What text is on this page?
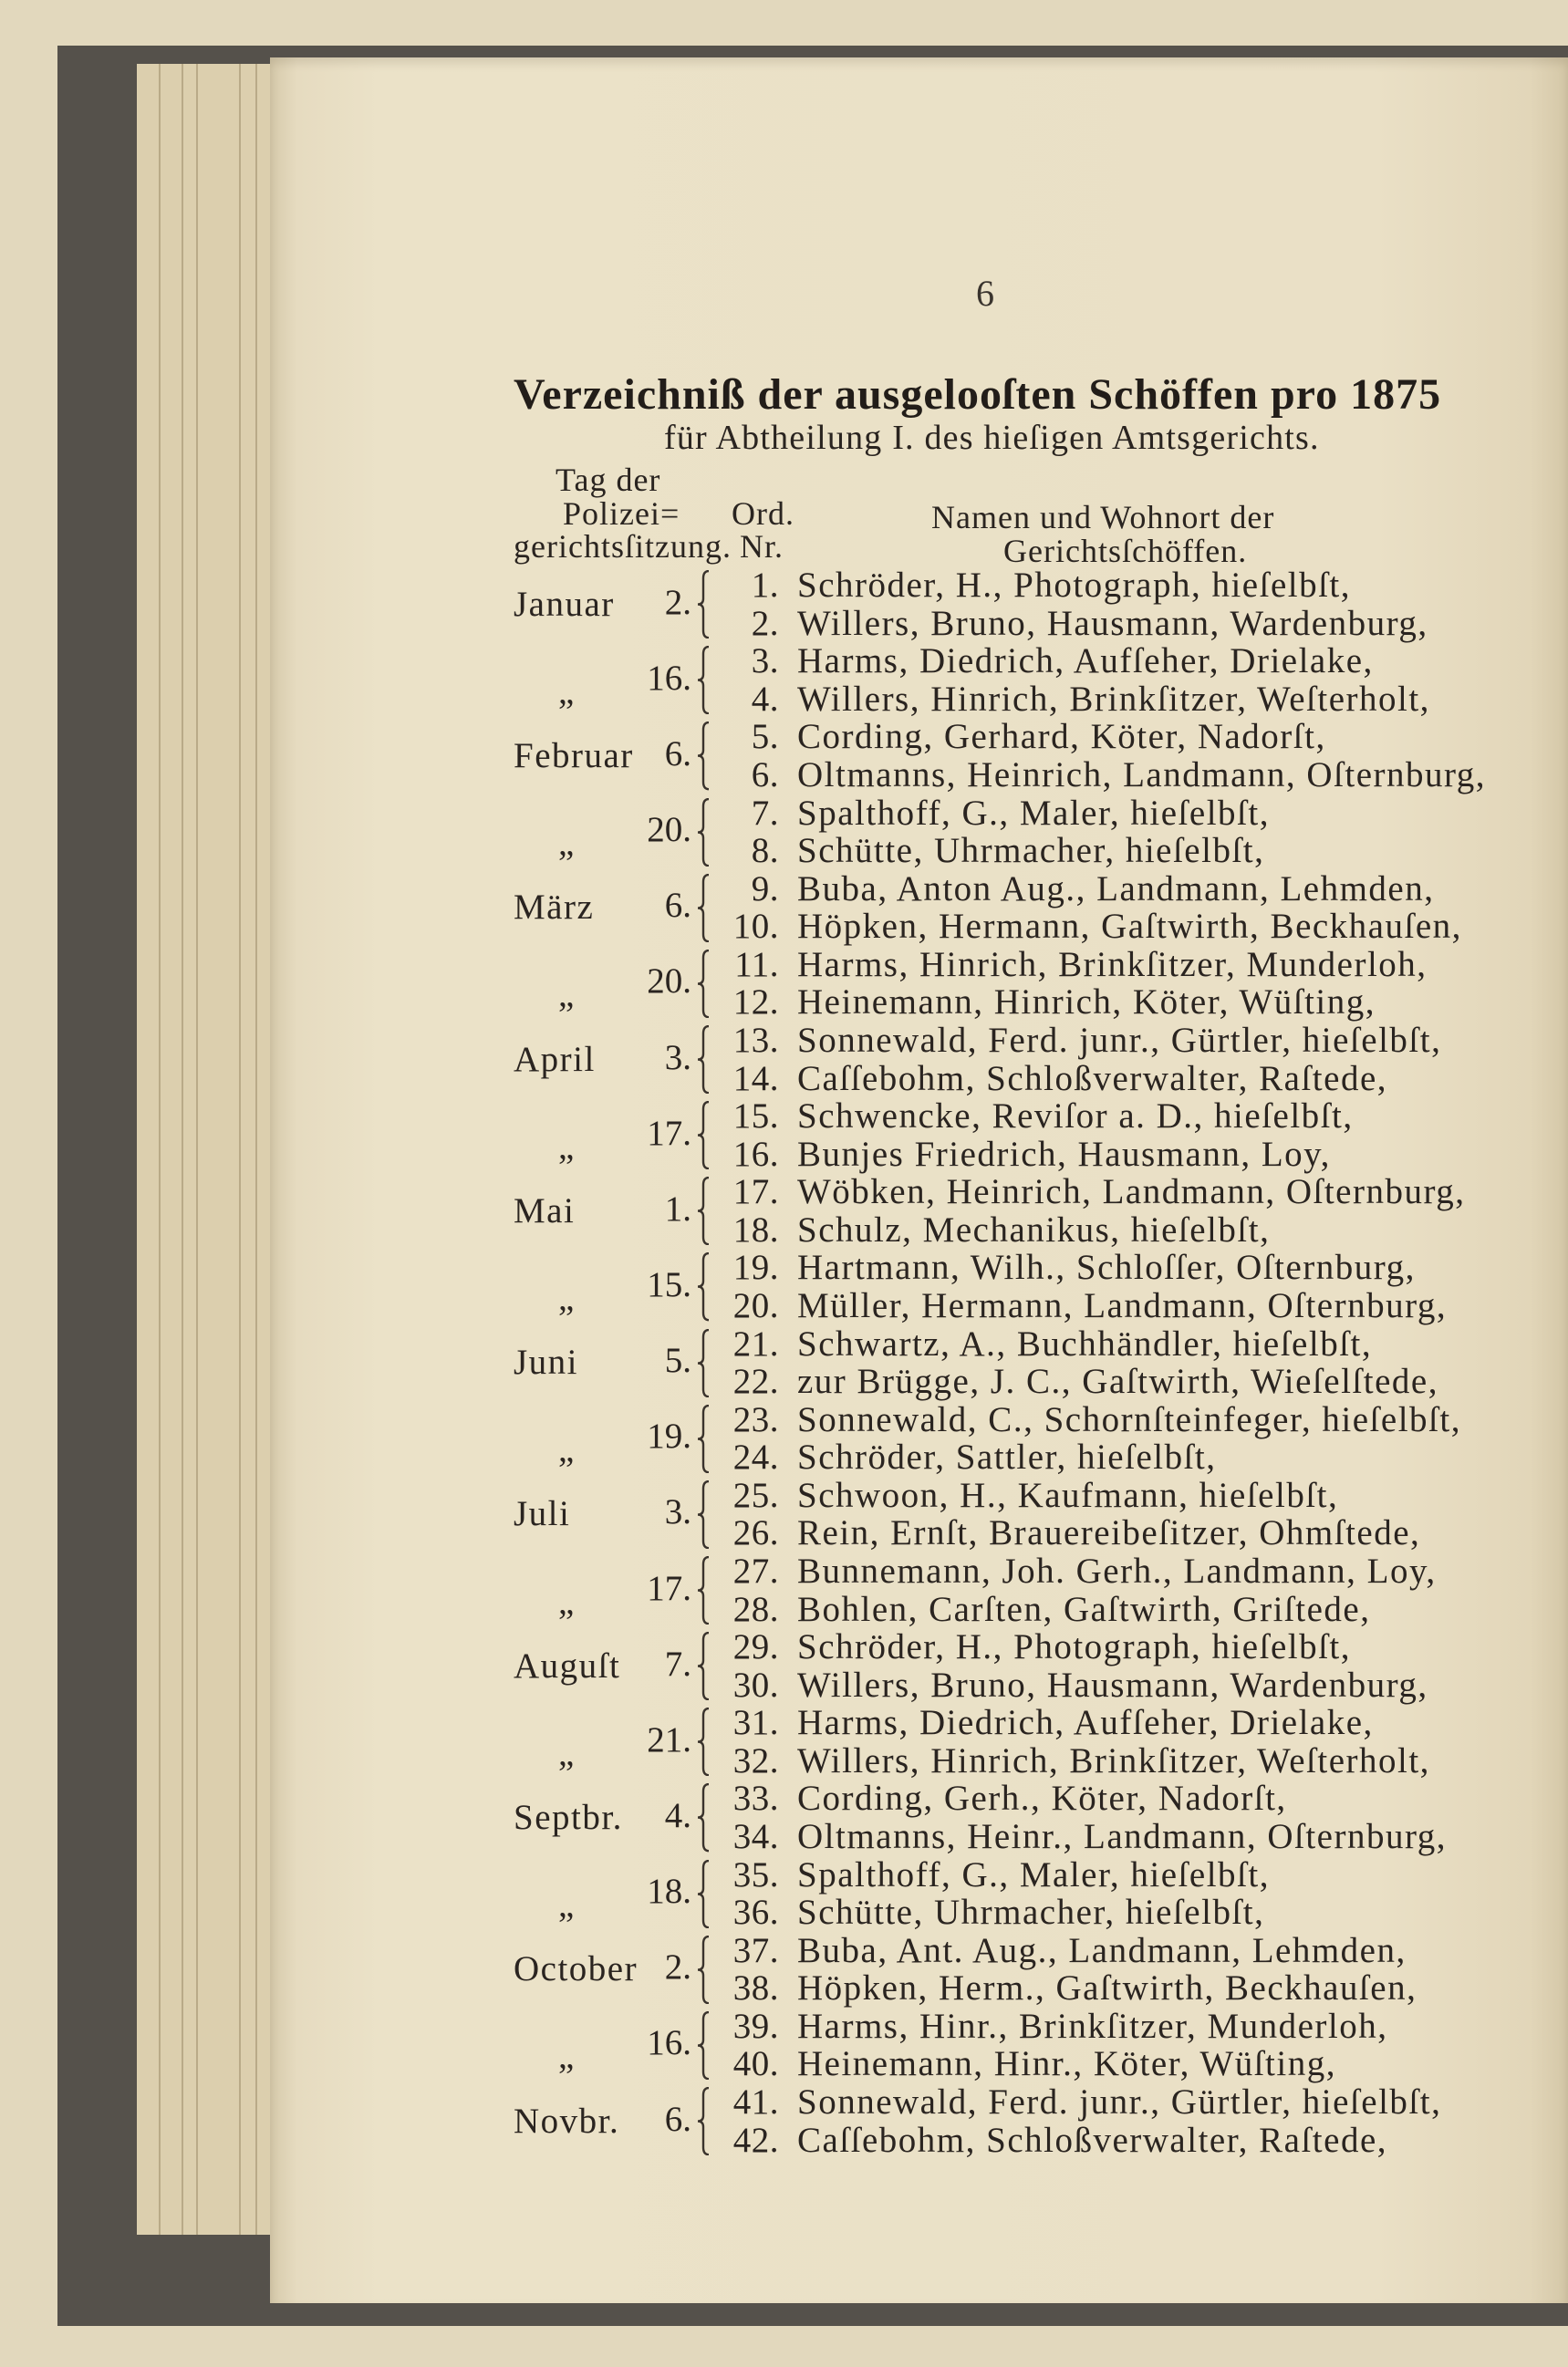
6
Verzeichniß der ausgelooſten Schöffen pro 1875
für Abtheilung I. des hieſigen Amtsgerichts.
Tag der
Polizei=
gerichtsſitzung.
Ord.
Nr.
Namen und Wohnort der
Gerichtsſchöffen.
Januar	2.	1. Schröder, H., Photograph, hieſelbſt,
2. Willers, Bruno, Hausmann, Wardenburg,
„	16.	3. Harms, Diedrich, Aufſeher, Drielake,
4. Willers, Hinrich, Brinkſitzer, Weſterholt,
Februar 6.	5. Cording, Gerhard, Köter, Nadorſt,
6. Oltmanns, Heinrich, Landmann, Oſternburg,
„	20.	7. Spalthoff, G., Maler, hieſelbſt,
8. Schütte, Uhrmacher, hieſelbſt,
März	6.	9. Buba, Anton Aug., Landmann, Lehmden,
10. Höpken, Hermann, Gaſtwirth, Beckhauſen,
„	20.	11. Harms, Hinrich, Brinkſitzer, Munderloh,
12. Heinemann, Hinrich, Köter, Wüſting,
April	3.	13. Sonnewald, Ferd. junr., Gürtler, hieſelbſt,
14. Caſſebohm, Schloßverwalter, Raſtede,
„	17.	15. Schwencke, Reviſor a. D., hieſelbſt,
16. Bunjes Friedrich, Hausmann, Loy,
Mai	1.	17. Wöbken, Heinrich, Landmann, Oſternburg,
18. Schulz, Mechanikus, hieſelbſt,
„	15.	19. Hartmann, Wilh., Schloſſer, Oſternburg,
20. Müller, Hermann, Landmann, Oſternburg,
Juni	5.	21. Schwartz, A., Buchhändler, hieſelbſt,
22. zur Brügge, J. C., Gaſtwirth, Wieſelſtede,
„	19.	23. Sonnewald, C., Schornſteinfeger, hieſelbſt,
24. Schröder, Sattler, hieſelbſt,
Juli	3.	25. Schwoon, H., Kaufmann, hieſelbſt,
26. Rein, Ernſt, Brauereibeſitzer, Ohmſtede,
„	17.	27. Bunnemann, Joh. Gerh., Landmann, Loy,
28. Bohlen, Carſten, Gaſtwirth, Griſtede,
Auguſt	7.	29. Schröder, H., Photograph, hieſelbſt,
30. Willers, Bruno, Hausmann, Wardenburg,
„	21.	31. Harms, Diedrich, Aufſeher, Drielake,
32. Willers, Hinrich, Brinkſitzer, Weſterholt,
Septbr.	4.	33. Cording, Gerh., Köter, Nadorſt,
34. Oltmanns, Heinr., Landmann, Oſternburg,
„	18.	35. Spalthoff, G., Maler, hieſelbſt,
36. Schütte, Uhrmacher, hieſelbſt,
October 2.	37. Buba, Ant. Aug., Landmann, Lehmden,
38. Höpken, Herm., Gaſtwirth, Beckhauſen,
„	16.	39. Harms, Hinr., Brinkſitzer, Munderloh,
40. Heinemann, Hinr., Köter, Wüſting,
Novbr.	6.	41. Sonnewald, Ferd. junr., Gürtler, hieſelbſt,
42. Caſſebohm, Schloßverwalter, Raſtede,
